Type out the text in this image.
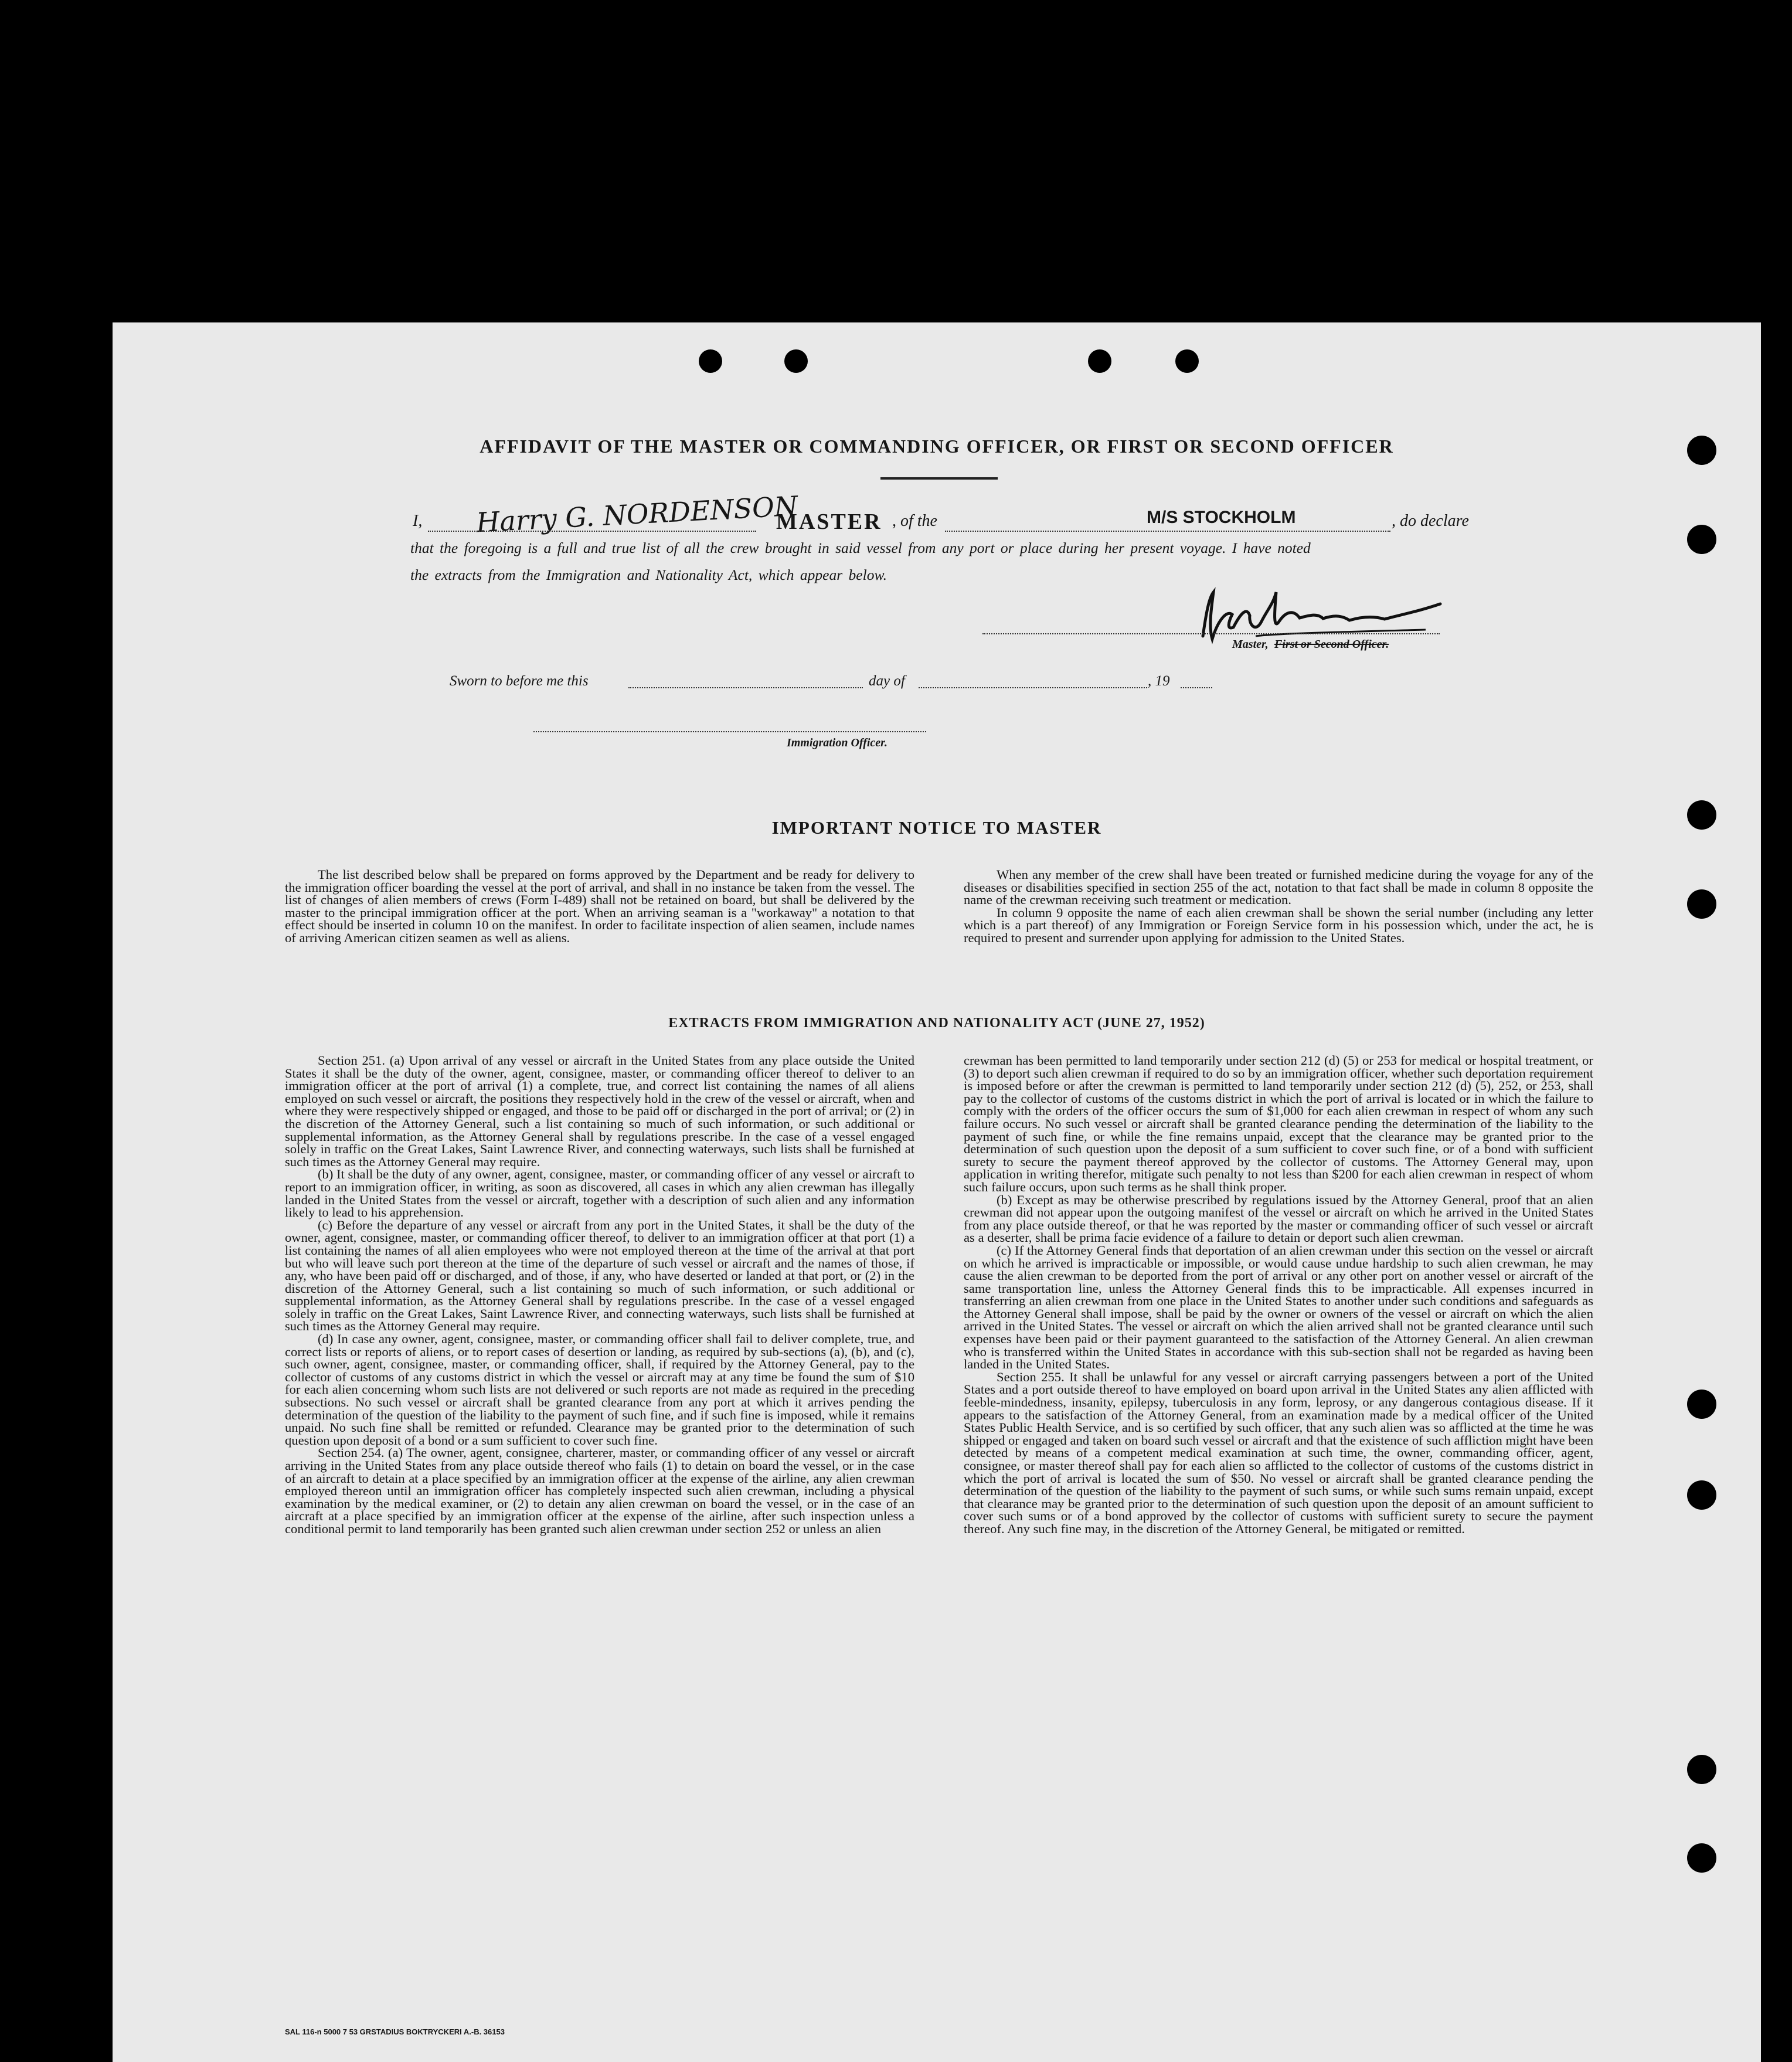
AFFIDAVIT OF THE MASTER OR COMMANDING OFFICER, OR FIRST OR SECOND OFFICER
I, Harry G. NORDENSON
MASTER , of the	M/S STOCKHOLM	, do declare
that the foregoing is a full and true list of all the crew brought in said vessel from any port or place during her present voyage. I have noted
the extracts from the Immigration and Nationality Act, which appear below.
Master, First or Second Officer.
Sworn to before me this	day of	, 19
Immigration Officer.
IMPORTANT NOTICE TO MASTER

The list described below shall be prepared on forms approved by the Department and be ready for delivery to the immigration officer boarding the vessel at the port of arrival, and shall in no instance be taken from the vessel. The list of changes of alien members of crews (Form I-489) shall not be retained on board, but shall be delivered by the master to the principal immigration officer at the port. When an arriving seaman is a "workaway" a notation to that effect should be inserted in column 10 on the manifest. In order to facilitate inspection of alien seamen, include names of arriving American citizen seamen as well as aliens.

When any member of the crew shall have been treated or furnished medicine during the voyage for any of the diseases or disabilities specified in section 255 of the act, notation to that fact shall be made in column 8 opposite the name of the crewman receiving such treatment or medication.

In column 9 opposite the name of each alien crewman shall be shown the serial number (including any letter which is a part thereof) of any Immigration or Foreign Service form in his possession which, under the act, he is required to present and surrender upon applying for admission to the United States.

EXTRACTS FROM IMMIGRATION AND NATIONALITY ACT (JUNE 27, 1952)

Section 251. (a) Upon arrival of any vessel or aircraft in the United States from any place outside the United States it shall be the duty of the owner, agent, consignee, master, or commanding officer thereof to deliver to an immigration officer at the port of arrival (1) a complete, true, and correct list containing the names of all aliens employed on such vessel or aircraft, the positions they respectively hold in the crew of the vessel or aircraft, when and where they were respectively shipped or engaged, and those to be paid off or discharged in the port of arrival; or (2) in the discretion of the Attorney General, such a list containing so much of such information, or such additional or supplemental information, as the Attorney General shall by regulations prescribe. In the case of a vessel engaged solely in traffic on the Great Lakes, Saint Lawrence River, and connecting waterways, such lists shall be furnished at such times as the Attorney General may require.

(b) It shall be the duty of any owner, agent, consignee, master, or commanding officer of any vessel or aircraft to report to an immigration officer, in writing, as soon as discovered, all cases in which any alien crewman has illegally landed in the United States from the vessel or aircraft, together with a description of such alien and any information likely to lead to his apprehension.

(c) Before the departure of any vessel or aircraft from any port in the United States, it shall be the duty of the owner, agent, consignee, master, or commanding officer thereof, to deliver to an immigration officer at that port (1) a list containing the names of all alien employees who were not employed thereon at the time of the arrival at that port but who will leave such port thereon at the time of the departure of such vessel or aircraft and the names of those, if any, who have been paid off or discharged, and of those, if any, who have deserted or landed at that port, or (2) in the discretion of the Attorney General, such a list containing so much of such information, or such additional or supplemental information, as the Attorney General shall by regulations prescribe. In the case of a vessel engaged solely in traffic on the Great Lakes, Saint Lawrence River, and connecting waterways, such lists shall be furnished at such times as the Attorney General may require.

(d) In case any owner, agent, consignee, master, or commanding officer shall fail to deliver complete, true, and correct lists or reports of aliens, or to report cases of desertion or landing, as required by sub-sections (a), (b), and (c), such owner, agent, consignee, master, or commanding officer, shall, if required by the Attorney General, pay to the collector of customs of any customs district in which the vessel or aircraft may at any time be found the sum of $10 for each alien concerning whom such lists are not delivered or such reports are not made as required in the preceding subsections. No such vessel or aircraft shall be granted clearance from any port at which it arrives pending the determination of the question of the liability to the payment of such fine, and if such fine is imposed, while it remains unpaid. No such fine shall be remitted or refunded. Clearance may be granted prior to the determination of such question upon deposit of a bond or a sum sufficient to cover such fine.

Section 254. (a) The owner, agent, consignee, charterer, master, or commanding officer of any vessel or aircraft arriving in the United States from any place outside thereof who fails (1) to detain on board the vessel, or in the case of an aircraft to detain at a place specified by an immigration officer at the expense of the airline, any alien crewman employed thereon until an immigration officer has completely inspected such alien crewman, including a physical examination by the medical examiner, or (2) to detain any alien crewman on board the vessel, or in the case of an aircraft at a place specified by an immigration officer at the expense of the airline, after such inspection unless a conditional permit to land temporarily has been granted such alien crewman under section 252 or unless an alien

crewman has been permitted to land temporarily under section 212 (d) (5) or 253 for medical or hospital treatment, or (3) to deport such alien crewman if required to do so by an immigration officer, whether such deportation requirement is imposed before or after the crewman is permitted to land temporarily under section 212 (d) (5), 252, or 253, shall pay to the collector of customs of the customs district in which the port of arrival is located or in which the failure to comply with the orders of the officer occurs the sum of $1,000 for each alien crewman in respect of whom any such failure occurs. No such vessel or aircraft shall be granted clearance pending the determination of the liability to the payment of such fine, or while the fine remains unpaid, except that the clearance may be granted prior to the determination of such question upon the deposit of a sum sufficient to cover such fine, or of a bond with sufficient surety to secure the payment thereof approved by the collector of customs. The Attorney General may, upon application in writing therefor, mitigate such penalty to not less than $200 for each alien crewman in respect of whom such failure occurs, upon such terms as he shall think proper.

(b) Except as may be otherwise prescribed by regulations issued by the Attorney General, proof that an alien crewman did not appear upon the outgoing manifest of the vessel or aircraft on which he arrived in the United States from any place outside thereof, or that he was reported by the master or commanding officer of such vessel or aircraft as a deserter, shall be prima facie evidence of a failure to detain or deport such alien crewman.

(c) If the Attorney General finds that deportation of an alien crewman under this section on the vessel or aircraft on which he arrived is impracticable or impossible, or would cause undue hardship to such alien crewman, he may cause the alien crewman to be deported from the port of arrival or any other port on another vessel or aircraft of the same transportation line, unless the Attorney General finds this to be impracticable. All expenses incurred in transferring an alien crewman from one place in the United States to another under such conditions and safeguards as the Attorney General shall impose, shall be paid by the owner or owners of the vessel or aircraft on which the alien arrived in the United States. The vessel or aircraft on which the alien arrived shall not be granted clearance until such expenses have been paid or their payment guaranteed to the satisfaction of the Attorney General. An alien crewman who is transferred within the United States in accordance with this sub-section shall not be regarded as having been landed in the United States.

Section 255. It shall be unlawful for any vessel or aircraft carrying passengers between a port of the United States and a port outside thereof to have employed on board upon arrival in the United States any alien afflicted with feeble-mindedness, insanity, epilepsy, tuberculosis in any form, leprosy, or any dangerous contagious disease. If it appears to the satisfaction of the Attorney General, from an examination made by a medical officer of the United States Public Health Service, and is so certified by such officer, that any such alien was so afflicted at the time he was shipped or engaged and taken on board such vessel or aircraft and that the existence of such affliction might have been detected by means of a competent medical examination at such time, the owner, commanding officer, agent, consignee, or master thereof shall pay for each alien so afflicted to the collector of customs of the customs district in which the port of arrival is located the sum of $50. No vessel or aircraft shall be granted clearance pending the determination of the question of the liability to the payment of such sums, or while such sums remain unpaid, except that clearance may be granted prior to the determination of such question upon the deposit of an amount sufficient to cover such sums or of a bond approved by the collector of customs with sufficient surety to secure the payment thereof. Any such fine may, in the discretion of the Attorney General, be mitigated or remitted.

SAL 116-n 5000 7 53 GRSTADIUS BOKTRYCKERI A.-B. 36153
